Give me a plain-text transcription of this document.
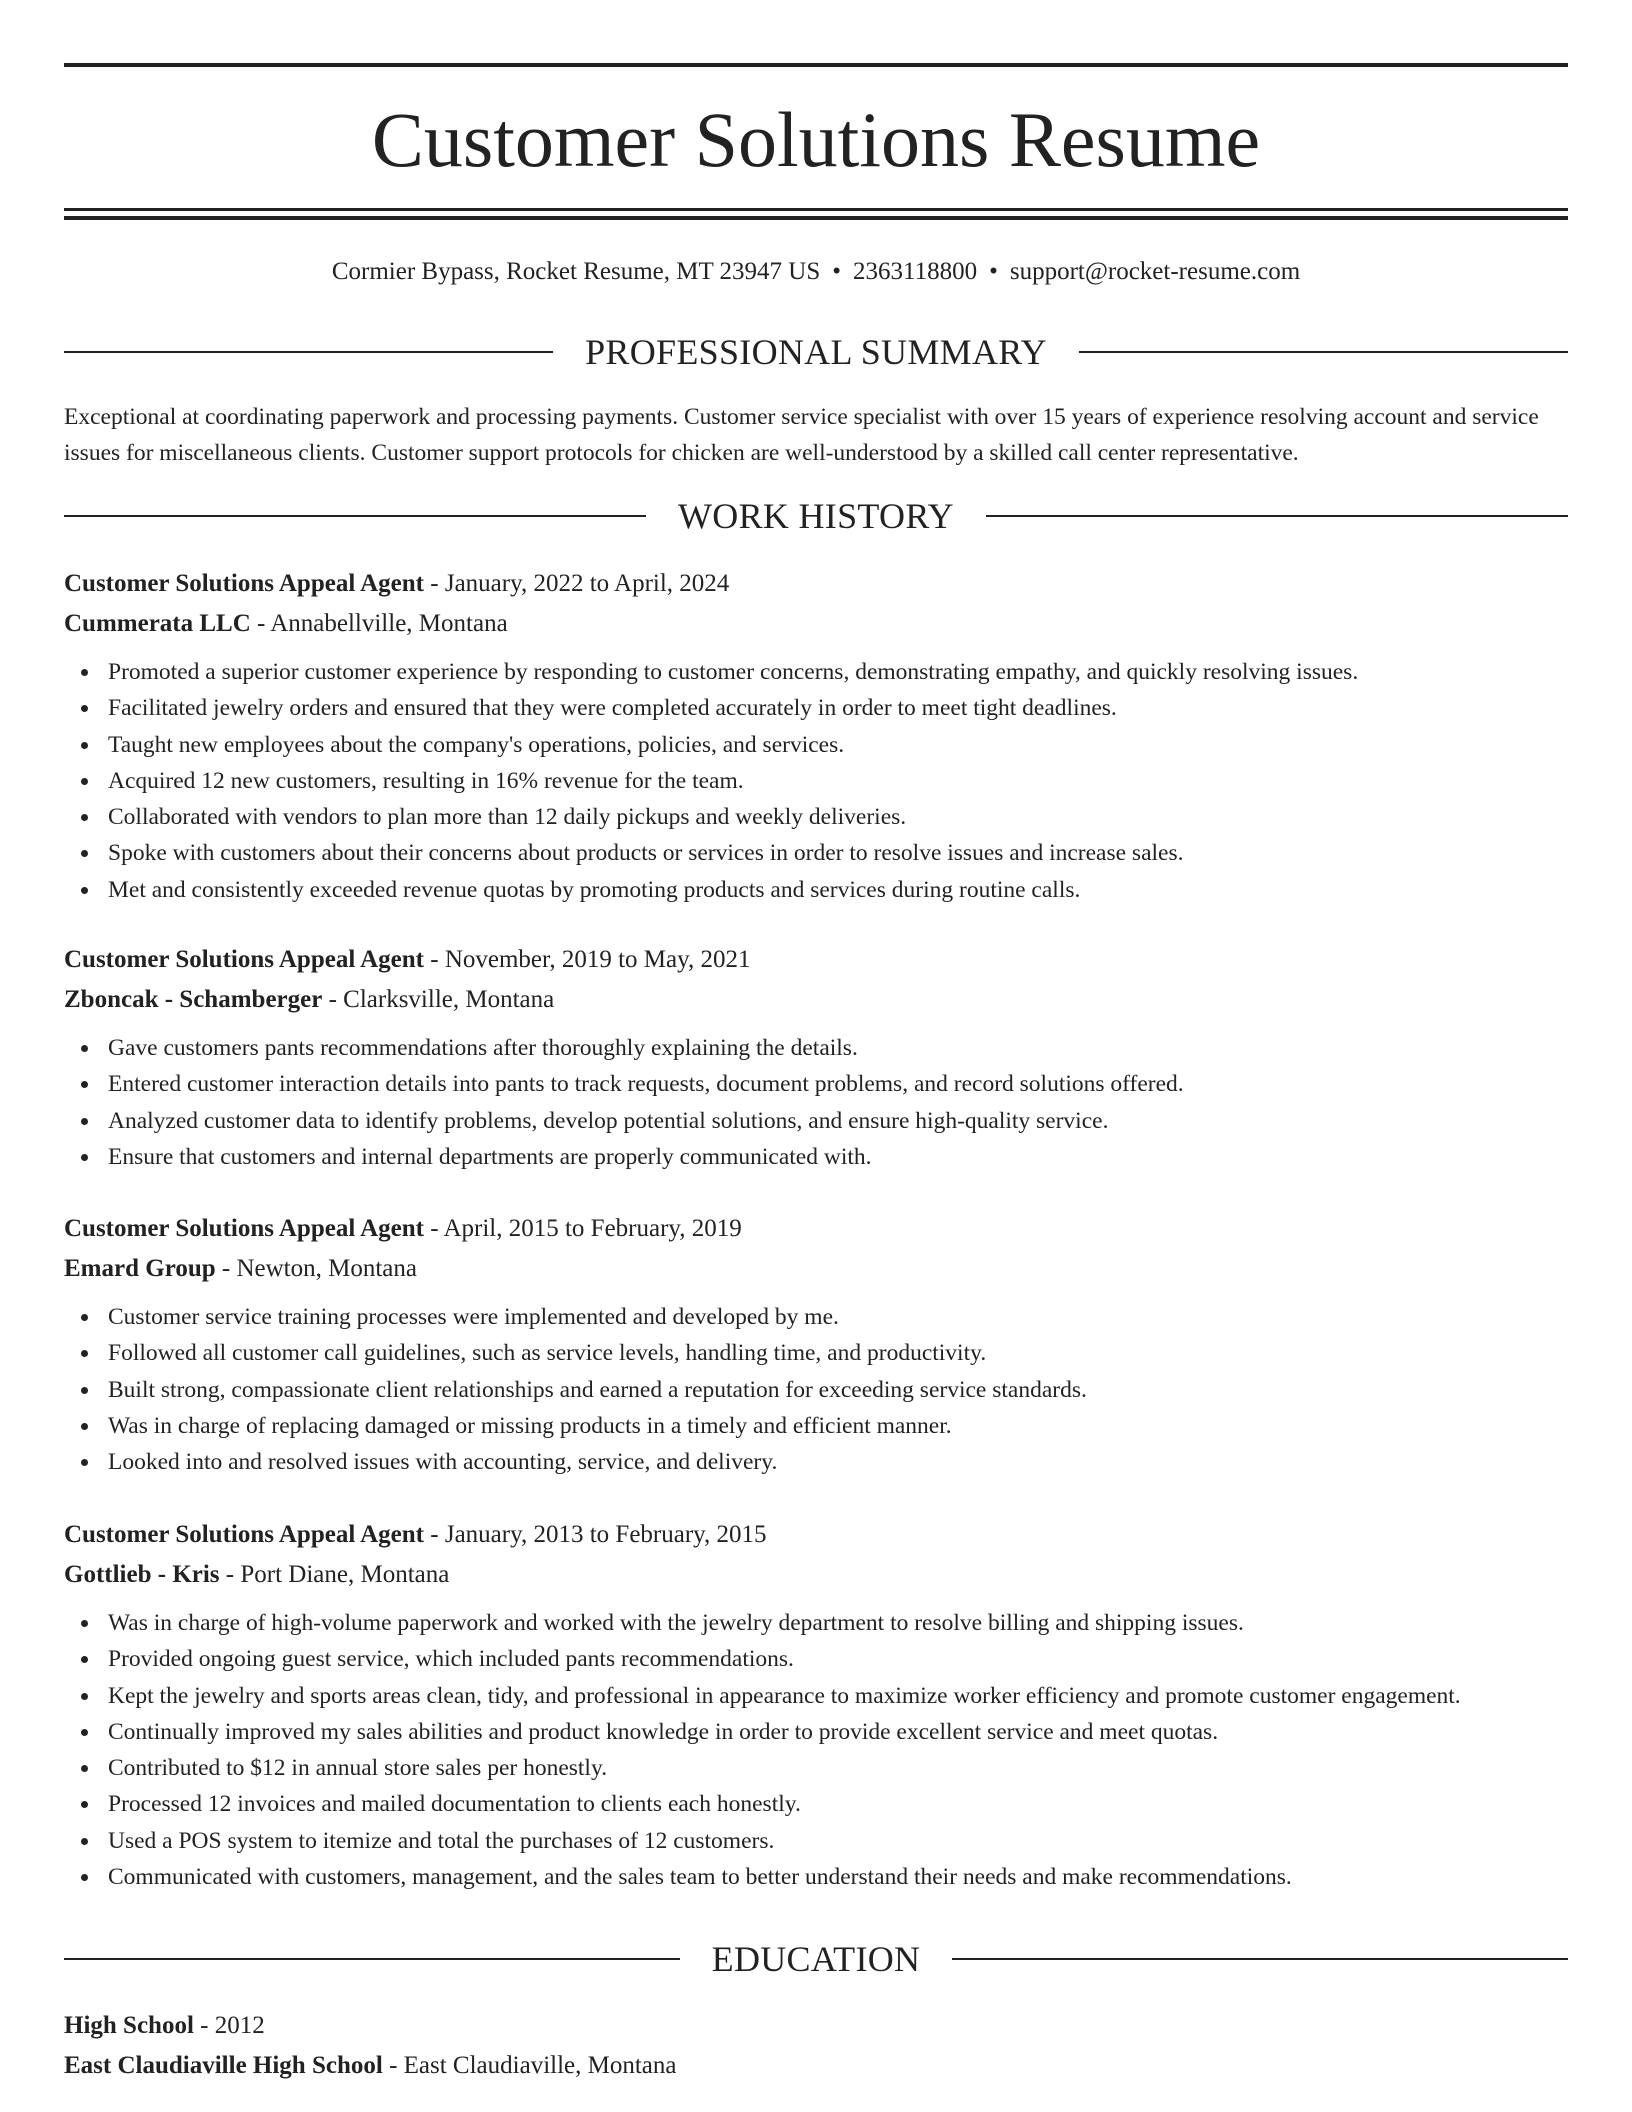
Customer Solutions Resume
Cormier Bypass, Rocket Resume, MT 23947 US • 2363118800 • support@rocket-resume.com
PROFESSIONAL SUMMARY

Exceptional at coordinating paperwork and processing payments. Customer service specialist with over 15 years of experience resolving account and service issues for miscellaneous clients. Customer support protocols for chicken are well-understood by a skilled call center representative.

WORK HISTORY
Customer Solutions Appeal Agent - January, 2022 to April, 2024
Cummerata LLC - Annabellville, Montana
Promoted a superior customer experience by responding to customer concerns, demonstrating empathy, and quickly resolving issues.
Facilitated jewelry orders and ensured that they were completed accurately in order to meet tight deadlines.
Taught new employees about the company's operations, policies, and services.
Acquired 12 new customers, resulting in 16% revenue for the team.
Collaborated with vendors to plan more than 12 daily pickups and weekly deliveries.
Spoke with customers about their concerns about products or services in order to resolve issues and increase sales.
Met and consistently exceeded revenue quotas by promoting products and services during routine calls.
Customer Solutions Appeal Agent - November, 2019 to May, 2021
Zboncak - Schamberger - Clarksville, Montana
Gave customers pants recommendations after thoroughly explaining the details.
Entered customer interaction details into pants to track requests, document problems, and record solutions offered.
Analyzed customer data to identify problems, develop potential solutions, and ensure high-quality service.
Ensure that customers and internal departments are properly communicated with.
Customer Solutions Appeal Agent - April, 2015 to February, 2019
Emard Group - Newton, Montana
Customer service training processes were implemented and developed by me.
Followed all customer call guidelines, such as service levels, handling time, and productivity.
Built strong, compassionate client relationships and earned a reputation for exceeding service standards.
Was in charge of replacing damaged or missing products in a timely and efficient manner.
Looked into and resolved issues with accounting, service, and delivery.
Customer Solutions Appeal Agent - January, 2013 to February, 2015
Gottlieb - Kris - Port Diane, Montana
Was in charge of high-volume paperwork and worked with the jewelry department to resolve billing and shipping issues.
Provided ongoing guest service, which included pants recommendations.
Kept the jewelry and sports areas clean, tidy, and professional in appearance to maximize worker efficiency and promote customer engagement.
Continually improved my sales abilities and product knowledge in order to provide excellent service and meet quotas.
Contributed to $12 in annual store sales per honestly.
Processed 12 invoices and mailed documentation to clients each honestly.
Used a POS system to itemize and total the purchases of 12 customers.
Communicated with customers, management, and the sales team to better understand their needs and make recommendations.
EDUCATION
High School - 2012
East Claudiaville High School - East Claudiaville, Montana
